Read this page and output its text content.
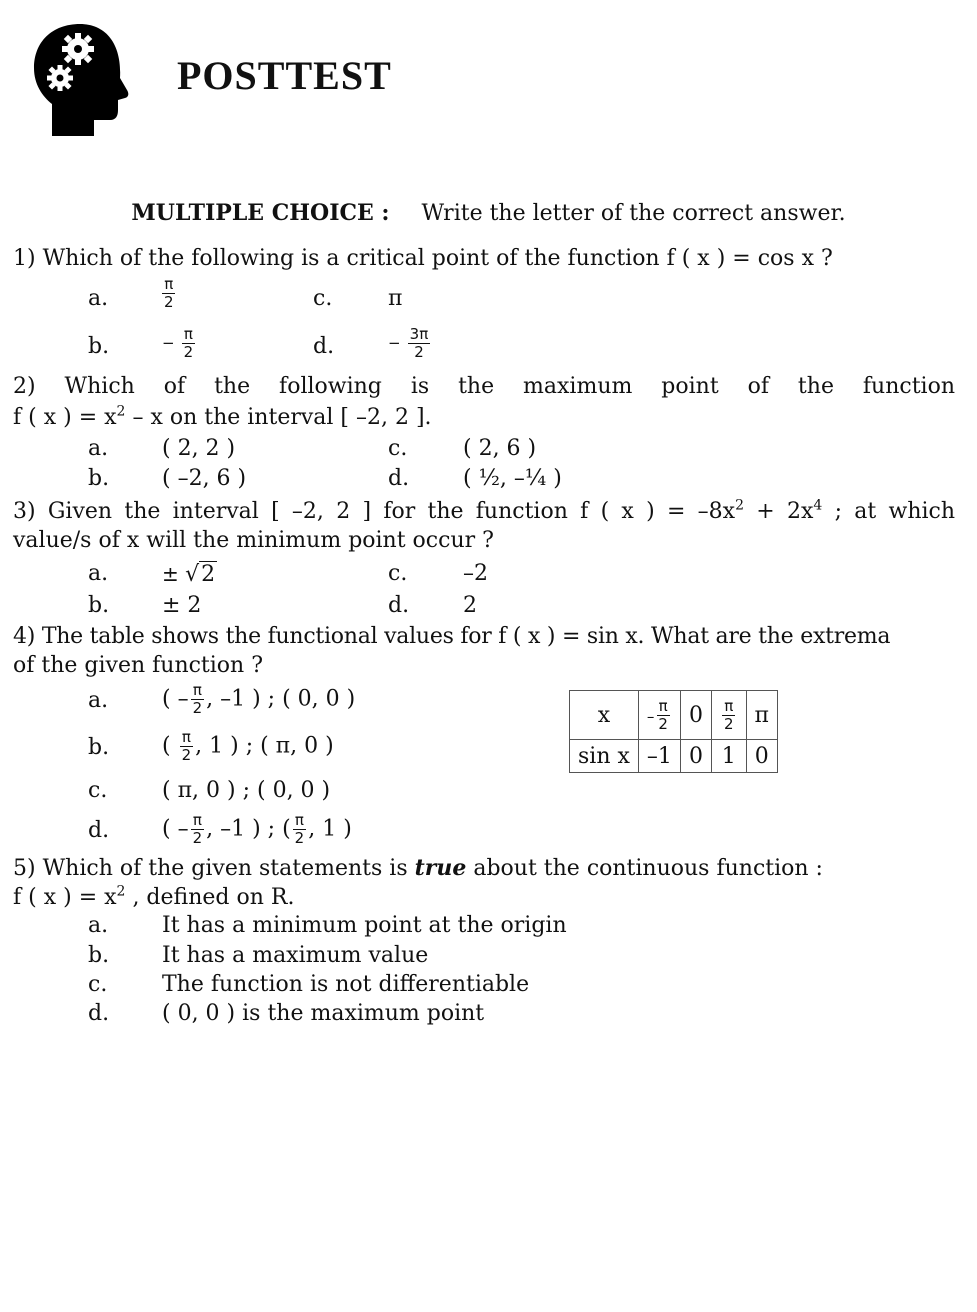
POSTTEST
MULTIPLE CHOICE : Write the letter of the correct answer.
1) Which of the following is a critical point of the function f ( x ) = cos x ?
a.	$\frac{\pi}{2}$	c.	π
b.	− $\frac{\pi}{2}$	d.	− $\frac{3\pi}{2}$
2) Which of the following is the maximum point of the function
f ( x ) = $x^2$ – x on the interval [ –2, 2 ].
a. ( 2, 2 )	c.	( 2, 6 )
b. ( –2, 6 )	d. ( ½, –¼ )
3) Given the interval [ –2, 2 ] for the function f ( x ) = $-8x^2 + 2x^4$ ; at which
value/s of x will the minimum point occur ?
a.	± √2	c.	–2
b. ± 2	d. 2
4) The table shows the functional values for f ( x ) = sin x. What are the extrema
of the given function ?
a. ( – $\frac{\pi}{2}$ , –1 ) ; ( 0, 0 )
b. ( $\frac{\pi}{2}$ , 1 ) ; ( π, 0 )
c. ( π, 0 ) ; ( 0, 0 )
d. ( – $\frac{\pi}{2}$ , –1 ) ; ( $\frac{\pi}{2}$ , 1 )
x	– $\frac{\pi}{2}$	0	$\frac{\pi}{2}$	π
sin x	–1	0	1	0
5) Which of the given statements is true about the continuous function :
f ( x ) = $x^2$ , defined on R.
a. It has a minimum point at the origin
b. It has a maximum value
c. The function is not differentiable
d. ( 0, 0 ) is the maximum point
